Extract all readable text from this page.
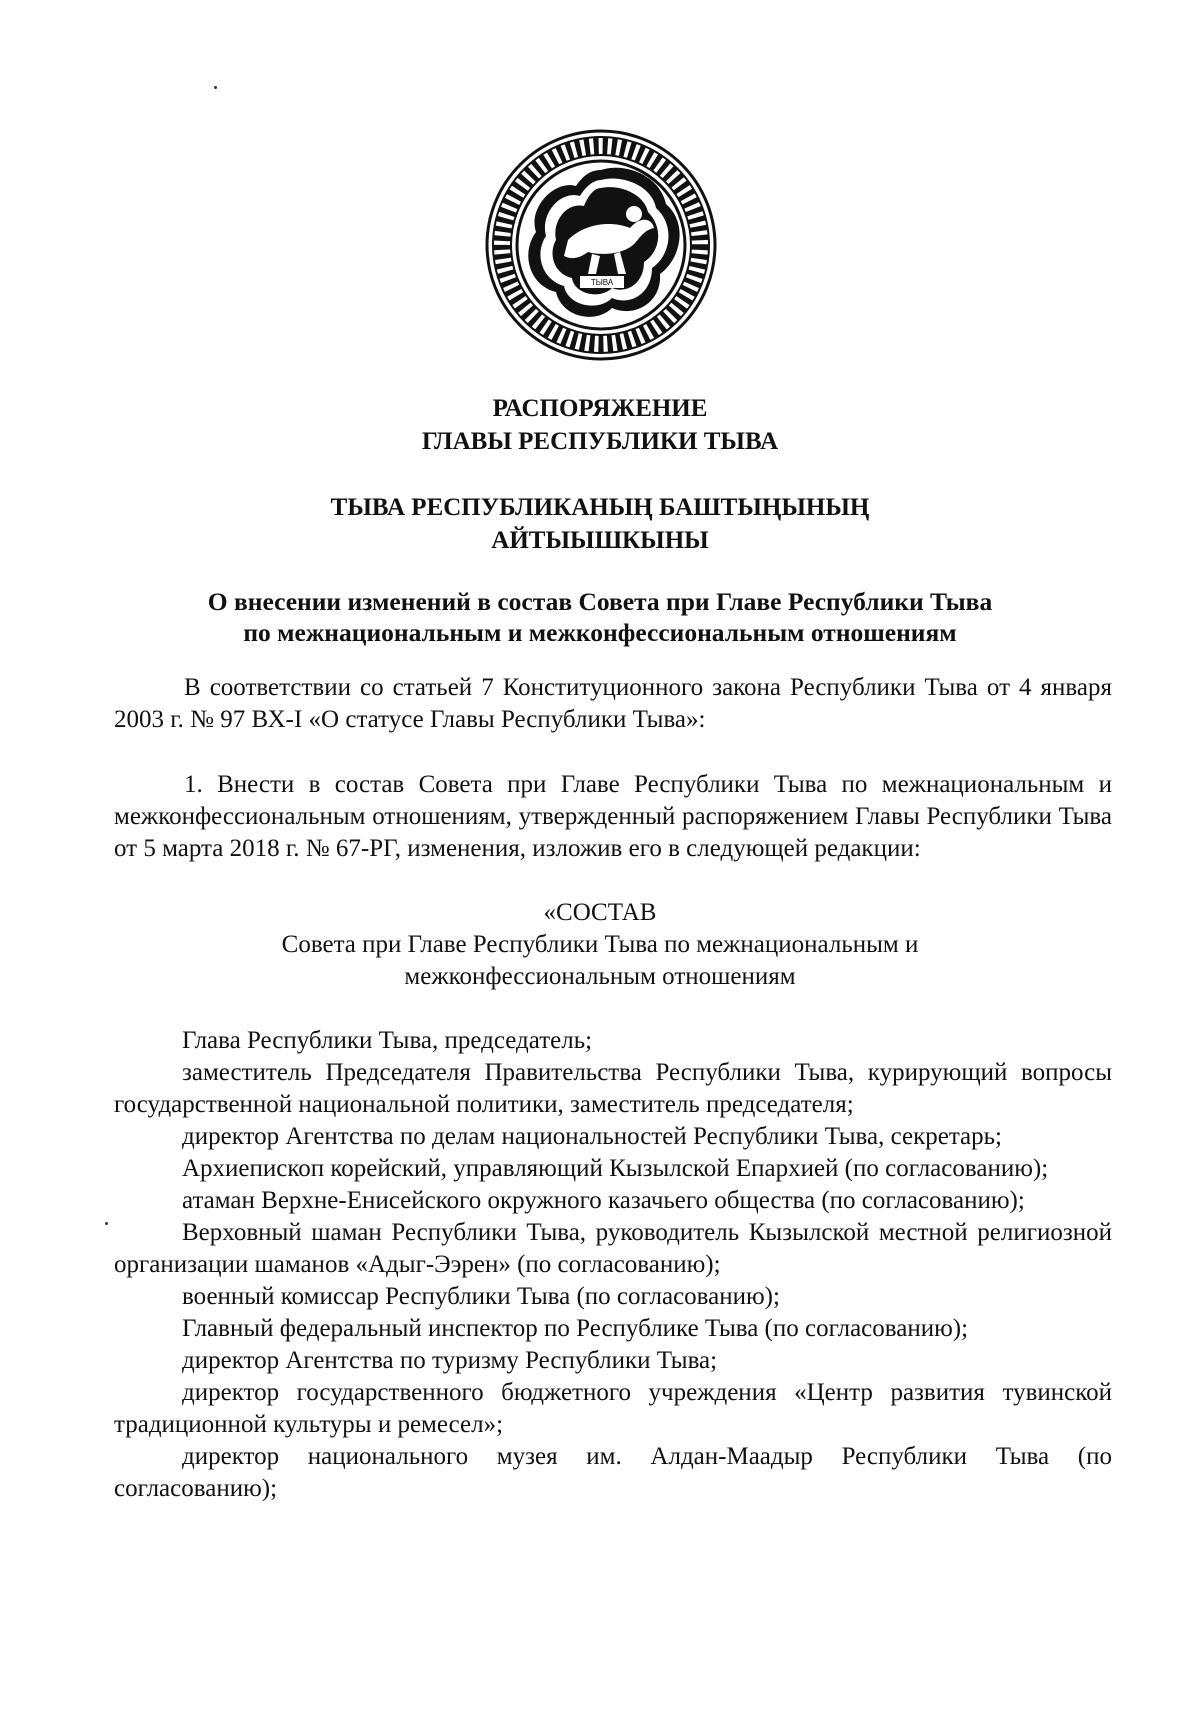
ТЫВА
РАСПОРЯЖЕНИЕ
ГЛАВЫ РЕСПУБЛИКИ ТЫВА
ТЫВА РЕСПУБЛИКАНЫҢ БАШТЫҢЫНЫҢ
АЙТЫЫШКЫНЫ
О внесении изменений в состав Совета при Главе Республики Тыва
по межнациональным и межконфессиональным отношениям

В соответствии со статьей 7 Конституционного закона Республики Тыва от 4 января 2003 г. № 97 ВХ-I «О статусе Главы Республики Тыва»:

1. Внести в состав Совета при Главе Республики Тыва по межнациональным и межконфессиональным отношениям, утвержденный распоряжением Главы Республики Тыва от 5 марта 2018 г. № 67-РГ, изменения, изложив его в следующей редакции:

«СОСТАВ
Совета при Главе Республики Тыва по межнациональным и
межконфессиональным отношениям

Глава Республики Тыва, председатель;

заместитель Председателя Правительства Республики Тыва, курирующий вопросы государственной национальной политики, заместитель председателя;

директор Агентства по делам национальностей Республики Тыва, секретарь;

Архиепископ корейский, управляющий Кызылской Епархией (по согласованию);

атаман Верхне-Енисейского окружного казачьего общества (по согласованию);

Верховный шаман Республики Тыва, руководитель Кызылской местной религиозной организации шаманов «Адыг-Ээрен» (по согласованию);

военный комиссар Республики Тыва (по согласованию);

Главный федеральный инспектор по Республике Тыва (по согласованию);

директор Агентства по туризму Республики Тыва;

директор государственного бюджетного учреждения «Центр развития тувинской традиционной культуры и ремесел»;

директор национального музея им. Алдан-Маадыр Республики Тыва (по согласованию);
